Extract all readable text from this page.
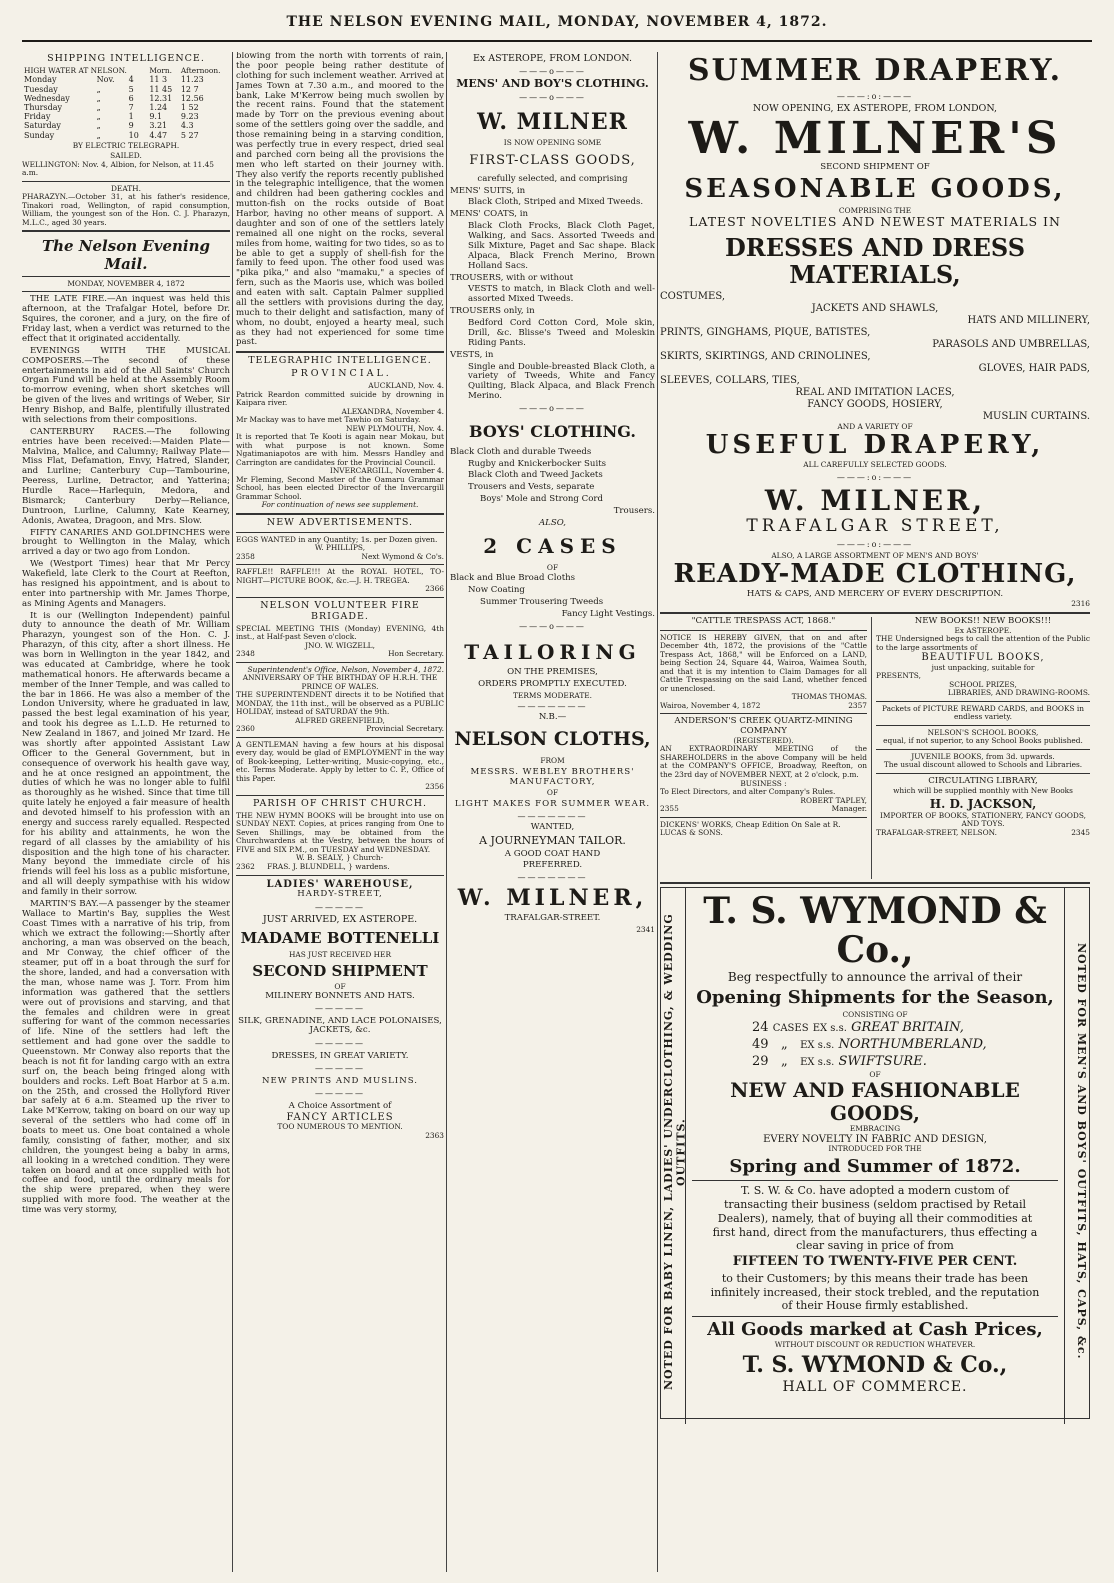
THE NELSON EVENING MAIL, MONDAY, NOVEMBER 4, 1872.
SHIPPING INTELLIGENCE.
HIGH WATER AT NELSON.			Morn.	Afternoon.
Monday	Nov.	4	11 3	11.23
Tuesday	„	5	11 45	12 7
Wednesday	„	6	12.31	12.56
Thursday	„	7	1.24	1 52
Friday	„	1	9.1	9.23
Saturday	„	9	3.21	4.3
Sunday	„	10	4.47	5 27
BY ELECTRIC TELEGRAPH.
SAILED.
WELLINGTON: Nov. 4, Albion, for Nelson, at 11.45 a.m.
DEATH.
PHARAZYN.—October 31, at his father's residence, Tinakori road, Wellington, of rapid consumption, William, the youngest son of the Hon. C. J. Pharazyn, M.L.C., aged 30 years.
The Nelson Evening Mail.
MONDAY, NOVEMBER 4, 1872

THE LATE FIRE.—An inquest was held this afternoon, at the Trafalgar Hotel, before Dr. Squires, the coroner, and a jury, on the fire of Friday last, when a verdict was returned to the effect that it originated accidentally.

EVENINGS WITH THE MUSICAL COMPOSERS.—The second of these entertainments in aid of the All Saints' Church Organ Fund will be held at the Assembly Room to-morrow evening, when short sketches will be given of the lives and writings of Weber, Sir Henry Bishop, and Balfe, plentifully illustrated with selections from their compositions.

CANTERBURY RACES.—The following entries have been received:—Maiden Plate—Malvina, Malice, and Calumny; Railway Plate—Miss Flat, Defamation, Envy, Hatred, Slander, and Lurline; Canterbury Cup—Tambourine, Peeress, Lurline, Detractor, and Yatterina; Hurdle Race—Harlequin, Medora, and Bismarck; Canterbury Derby—Reliance, Duntroon, Lurline, Calumny, Kate Kearney, Adonis, Awatea, Dragoon, and Mrs. Slow.

FIFTY CANARIES AND GOLDFINCHES were brought to Wellington in the Malay, which arrived a day or two ago from London.

We (Westport Times) hear that Mr Percy Wakefield, late Clerk to the Court at Reefton, has resigned his appointment, and is about to enter into partnership with Mr. James Thorpe, as Mining Agents and Managers.

It is our (Wellington Independent) painful duty to announce the death of Mr. William Pharazyn, youngest son of the Hon. C. J. Pharazyn, of this city, after a short illness. He was born in Wellington in the year 1842, and was educated at Cambridge, where he took mathematical honors. He afterwards became a member of the Inner Temple, and was called to the bar in 1866. He was also a member of the London University, where he graduated in law, passed the best legal examination of his year, and took his degree as L.L.D. He returned to New Zealand in 1867, and joined Mr Izard. He was shortly after appointed Assistant Law Officer to the General Government, but in consequence of overwork his health gave way, and he at once resigned an appointment, the duties of which he was no longer able to fulfil as thoroughly as he wished. Since that time till quite lately he enjoyed a fair measure of health and devoted himself to his profession with an energy and success rarely equalled. Respected for his ability and attainments, he won the regard of all classes by the amiability of his disposition and the high tone of his character. Many beyond the immediate circle of his friends will feel his loss as a public misfortune, and all will deeply sympathise with his widow and family in their sorrow.

MARTIN'S BAY.—A passenger by the steamer Wallace to Martin's Bay, supplies the West Coast Times with a narrative of his trip, from which we extract the following:—Shortly after anchoring, a man was observed on the beach, and Mr Conway, the chief officer of the steamer, put off in a boat through the surf for the shore, landed, and had a conversation with the man, whose name was J. Torr. From him information was gathered that the settlers were out of provisions and starving, and that the females and children were in great suffering for want of the common necessaries of life. Nine of the settlers had left the settlement and had gone over the saddle to Queenstown. Mr Conway also reports that the beach is not fit for landing cargo with an extra surf on, the beach being fringed along with boulders and rocks. Left Boat Harbor at 5 a.m. on the 25th, and crossed the Hollyford River bar safely at 6 a.m. Steamed up the river to Lake M'Kerrow, taking on board on our way up several of the settlers who had come off in boats to meet us. One boat contained a whole family, consisting of father, mother, and six children, the youngest being a baby in arms, all looking in a wretched condition. They were taken on board and at once supplied with hot coffee and food, until the ordinary meals for the ship were prepared, when they were supplied with more food. The weather at the time was very stormy,

blowing from the north with torrents of rain, the poor people being rather destitute of clothing for such inclement weather. Arrived at James Town at 7.30 a.m., and moored to the bank, Lake M'Kerrow being much swollen by the recent rains. Found that the statement made by Torr on the previous evening about some of the settlers going over the saddle, and those remaining being in a starving condition, was perfectly true in every respect, dried seal and parched corn being all the provisions the men who left started on their journey with. They also verify the reports recently published in the telegraphic intelligence, that the women and children had been gathering cockles and mutton-fish on the rocks outside of Boat Harbor, having no other means of support. A daughter and son of one of the settlers lately remained all one night on the rocks, several miles from home, waiting for two tides, so as to be able to get a supply of shell-fish for the family to feed upon. The other food used was "pika pika," and also "mamaku," a species of fern, such as the Maoris use, which was boiled and eaten with salt. Captain Palmer supplied all the settlers with provisions during the day, much to their delight and satisfaction, many of whom, no doubt, enjoyed a hearty meal, such as they had not experienced for some time past.

TELEGRAPHIC INTELLIGENCE.
P R O V I N C I A L .
AUCKLAND, Nov. 4.
Patrick Reardon committed suicide by drowning in Kaipara river.
ALEXANDRA, November 4.
Mr Mackay was to have met Tawhio on Saturday.
NEW PLYMOUTH, Nov. 4.
It is reported that Te Kooti is again near Mokau, but with what purpose is not known. Some Ngatimaniapotos are with him. Messrs Handley and Carrington are candidates for the Provincial Council.
INVERCARGILL, November 4.
Mr Fleming, Second Master of the Oamaru Grammar School, has been elected Director of the Invercargill Grammar School.
For continuation of news see supplement.
NEW ADVERTISEMENTS.
EGGS WANTED in any Quantity; 1s. per Dozen given.
W. PHILLIPS,
2358	Next Wymond & Co's.
RAFFLE!! RAFFLE!!! At the ROYAL HOTEL, TO-NIGHT—PICTURE BOOK, &c.—J. H. TREGEA.
2366
NELSON VOLUNTEER FIRE BRIGADE.
SPECIAL MEETING THIS (Monday) EVENING, 4th inst., at Half-past Seven o'clock.
JNO. W. WIGZELL,
2348	Hon Secretary.
Superintendent's Office, Nelson, November 4, 1872.
ANNIVERSARY OF THE BIRTHDAY OF H.R.H. THE PRINCE OF WALES.
THE SUPERINTENDENT directs it to be Notified that MONDAY, the 11th inst., will be observed as a PUBLIC HOLIDAY, instead of SATURDAY the 9th.
ALFRED GREENFIELD,
2360	Provincial Secretary.
A GENTLEMAN having a few hours at his disposal every day, would be glad of EMPLOYMENT in the way of Book-keeping, Letter-writing, Music-copying, etc., etc. Terms Moderate. Apply by letter to C. P., Office of this Paper.
2356
PARISH OF CHRIST CHURCH.
THE NEW HYMN BOOKS will be brought into use on SUNDAY NEXT. Copies, at prices ranging from One to Seven Shillings, may be obtained from the Churchwardens at the Vestry, between the hours of FIVE and SIX P.M., on TUESDAY and WEDNESDAY.
W. B. SEALY, } Church-
2362 FRAS. J. BLUNDELL, } wardens.
LADIES' WAREHOUSE,
HARDY-STREET,
—————
JUST ARRIVED, EX ASTEROPE.
MADAME BOTTENELLI
HAS JUST RECEIVED HER
SECOND SHIPMENT
OF
MILINERY BONNETS AND HATS.
—————
SILK, GRENADINE, AND LACE POLONAISES, JACKETS, &c.
—————
DRESSES, IN GREAT VARIETY.
—————
NEW PRINTS AND MUSLINS.
—————
A Choice Assortment of
FANCY ARTICLES
TOO NUMEROUS TO MENTION.
2363
Ex ASTEROPE, FROM LONDON.
———o———
MENS' AND BOY'S CLOTHING.
———o———
W. MILNER
IS NOW OPENING SOME
FIRST-CLASS GOODS,
carefully selected, and comprising
MENS' SUITS, in
Black Cloth, Striped and Mixed Tweeds.
MENS' COATS, in
Black Cloth Frocks, Black Cloth Paget, Walking, and Sacs. Assorted Tweeds and Silk Mixture, Paget and Sac shape. Black Alpaca, Black French Merino, Brown Holland Sacs.
TROUSERS, with or without
VESTS to match, in Black Cloth and well-assorted Mixed Tweeds.
TROUSERS only, in
Bedford Cord Cotton Cord, Mole skin, Drill, &c. Blisse's Tweed and Moleskin Riding Pants.
VESTS, in
Single and Double-breasted Black Cloth, a variety of Tweeds, White and Fancy Quilting, Black Alpaca, and Black French Merino.
———o———
BOYS' CLOTHING.
Black Cloth and durable Tweeds
Rugby and Knickerbocker Suits
Black Cloth and Tweed Jackets
Trousers and Vests, separate
Boys' Mole and Strong Cord
Trousers.
ALSO,
2 CASES
OF
Black and Blue Broad Cloths
Now Coating
Summer Trousering Tweeds
Fancy Light Vestings.
———o———
TAILORING
ON THE PREMISES,
ORDERS PROMPTLY EXECUTED.
TERMS MODERATE.
———————
N.B.—
NELSON CLOTHS,
FROM
MESSRS. WEBLEY BROTHERS' MANUFACTORY,
OF
LIGHT MAKES FOR SUMMER WEAR.
———————
WANTED,
A JOURNEYMAN TAILOR.
A GOOD COAT HAND
PREFERRED.
———————
W. MILNER,
TRAFALGAR-STREET.
2341
SUMMER DRAPERY.
———:o:———
NOW OPENING, EX ASTEROPE, FROM LONDON,
W. MILNER'S
SECOND SHIPMENT OF
SEASONABLE GOODS,
COMPRISING THE
LATEST NOVELTIES AND NEWEST MATERIALS IN
DRESSES AND DRESS MATERIALS,
COSTUMES,
JACKETS AND SHAWLS,
HATS AND MILLINERY,
PRINTS, GINGHAMS, PIQUE, BATISTES,
PARASOLS AND UMBRELLAS,
SKIRTS, SKIRTINGS, AND CRINOLINES,
GLOVES, HAIR PADS,
SLEEVES, COLLARS, TIES,
REAL AND IMITATION LACES,
FANCY GOODS, HOSIERY,
MUSLIN CURTAINS.
AND A VARIETY OF
USEFUL DRAPERY,
ALL CAREFULLY SELECTED GOODS.
———:o:———
W. MILNER,
TRAFALGAR STREET,
———:o:———
ALSO, A LARGE ASSORTMENT OF MEN'S AND BOYS'
READY-MADE CLOTHING,
HATS & CAPS, AND MERCERY OF EVERY DESCRIPTION.
2316
"CATTLE TRESPASS ACT, 1868."
NOTICE IS HEREBY GIVEN, that on and after December 4th, 1872, the provisions of the "Cattle Trespass Act, 1868," will be Enforced on a LAND, being Section 24, Square 44, Wairoa, Waimea South, and that it is my intention to Claim Damages for all Cattle Trespassing on the said Land, whether fenced or unenclosed.
THOMAS THOMAS.
Wairoa, November 4, 1872	2357
ANDERSON'S CREEK QUARTZ-MINING COMPANY
(REGISTERED).
AN EXTRAORDINARY MEETING of the SHAREHOLDERS in the above Company will be held at the COMPANY'S OFFICE, Broadway, Reefton, on the 23rd day of NOVEMBER NEXT, at 2 o'clock, p.m.
BUSINESS :
To Elect Directors, and alter Company's Rules.
ROBERT TAPLEY,
2355	Manager.
DICKENS' WORKS, Cheap Edition On Sale at R. LUCAS & SONS.
NEW BOOKS!! NEW BOOKS!!!
Ex ASTEROPE.
THE Undersigned begs to call the attention of the Public to the large assortments of
BEAUTIFUL BOOKS,
just unpacking, suitable for
PRESENTS,
SCHOOL PRIZES,
LIBRARIES, AND DRAWING-ROOMS.
Packets of PICTURE REWARD CARDS, and BOOKS in endless variety.
NELSON'S SCHOOL BOOKS,
equal, if not superior, to any School Books published.
JUVENILE BOOKS, from 3d. upwards.
The usual discount allowed to Schools and Libraries.
CIRCULATING LIBRARY,
which will be supplied monthly with New Books
H. D. JACKSON,
IMPORTER OF BOOKS, STATIONERY, FANCY GOODS, AND TOYS.
TRAFALGAR-STREET, NELSON.	2345
NOTED FOR BABY LINEN, LADIES' UNDERCLOTHING, & WEDDING OUTFITS.	NOTED FOR MEN'S AND BOYS' OUTFITS, HATS, CAPS, &c.
T. S. WYMOND & Co.,
Beg respectfully to announce the arrival of their
Opening Shipments for the Season,
CONSISTING OF
24 CASES EX s.s. GREAT BRITAIN,
49 „ EX s.s. NORTHUMBERLAND,
29 „ EX s.s. SWIFTSURE.
OF
NEW AND FASHIONABLE GOODS,
EMBRACING
EVERY NOVELTY IN FABRIC AND DESIGN,
INTRODUCED FOR THE
Spring and Summer of 1872.
T. S. W. & Co. have adopted a modern custom of transacting their business (seldom practised by Retail Dealers), namely, that of buying all their commodities at first hand, direct from the manufacturers, thus effecting a clear saving in price of from
FIFTEEN TO TWENTY-FIVE PER CENT.
to their Customers; by this means their trade has been infinitely increased, their stock trebled, and the reputation of their House firmly established.
All Goods marked at Cash Prices,
WITHOUT DISCOUNT OR REDUCTION WHATEVER.
T. S. WYMOND & Co.,
HALL OF COMMERCE.
